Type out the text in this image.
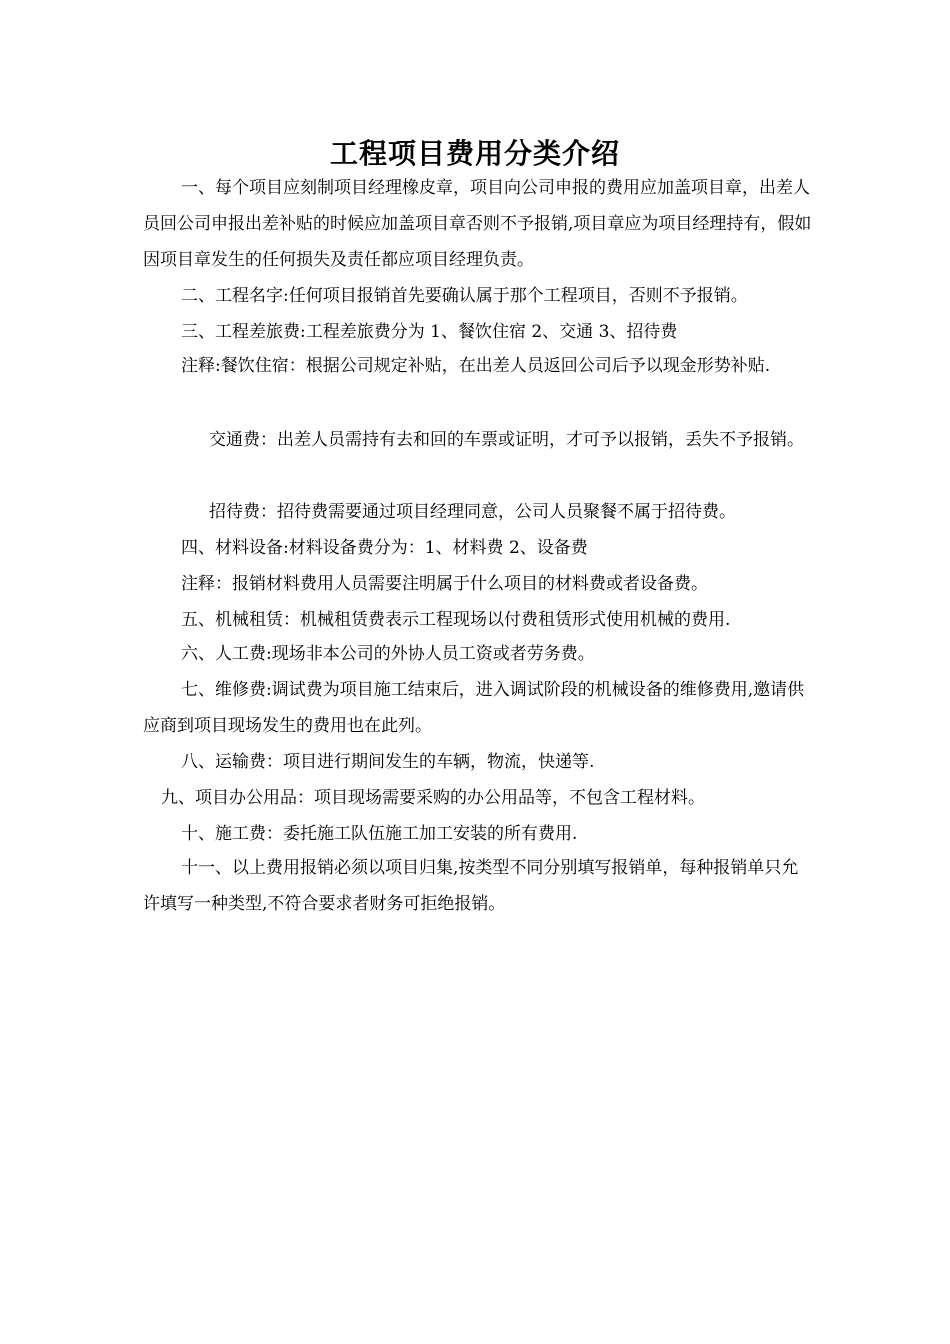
工程项目费用分类介绍
一、每个项目应刻制项目经理橡皮章，项目向公司申报的费用应加盖项目章，出差人员回公司申报出差补贴的时候应加盖项目章否则不予报销,项目章应为项目经理持有，假如因项目章发生的任何损失及责任都应项目经理负责。
二、工程名字:任何项目报销首先要确认属于那个工程项目，否则不予报销。
三、工程差旅费:工程差旅费分为 1、餐饮住宿 2、交通 3、招待费
注释:餐饮住宿：根据公司规定补贴，在出差人员返回公司后予以现金形势补贴.
交通费：出差人员需持有去和回的车票或证明，才可予以报销，丢失不予报销。
招待费：招待费需要通过项目经理同意，公司人员聚餐不属于招待费。
四、材料设备:材料设备费分为：1、材料费 2、设备费
注释：报销材料费用人员需要注明属于什么项目的材料费或者设备费。
五、机械租赁：机械租赁费表示工程现场以付费租赁形式使用机械的费用.
六、人工费:现场非本公司的外协人员工资或者劳务费。
七、维修费:调试费为项目施工结束后，进入调试阶段的机械设备的维修费用,邀请供应商到项目现场发生的费用也在此列。
八、运输费：项目进行期间发生的车辆，物流，快递等.
九、项目办公用品：项目现场需要采购的办公用品等，不包含工程材料。
十、施工费：委托施工队伍施工加工安装的所有费用.
十一、以上费用报销必须以项目归集,按类型不同分别填写报销单，每种报销单只允许填写一种类型,不符合要求者财务可拒绝报销。
